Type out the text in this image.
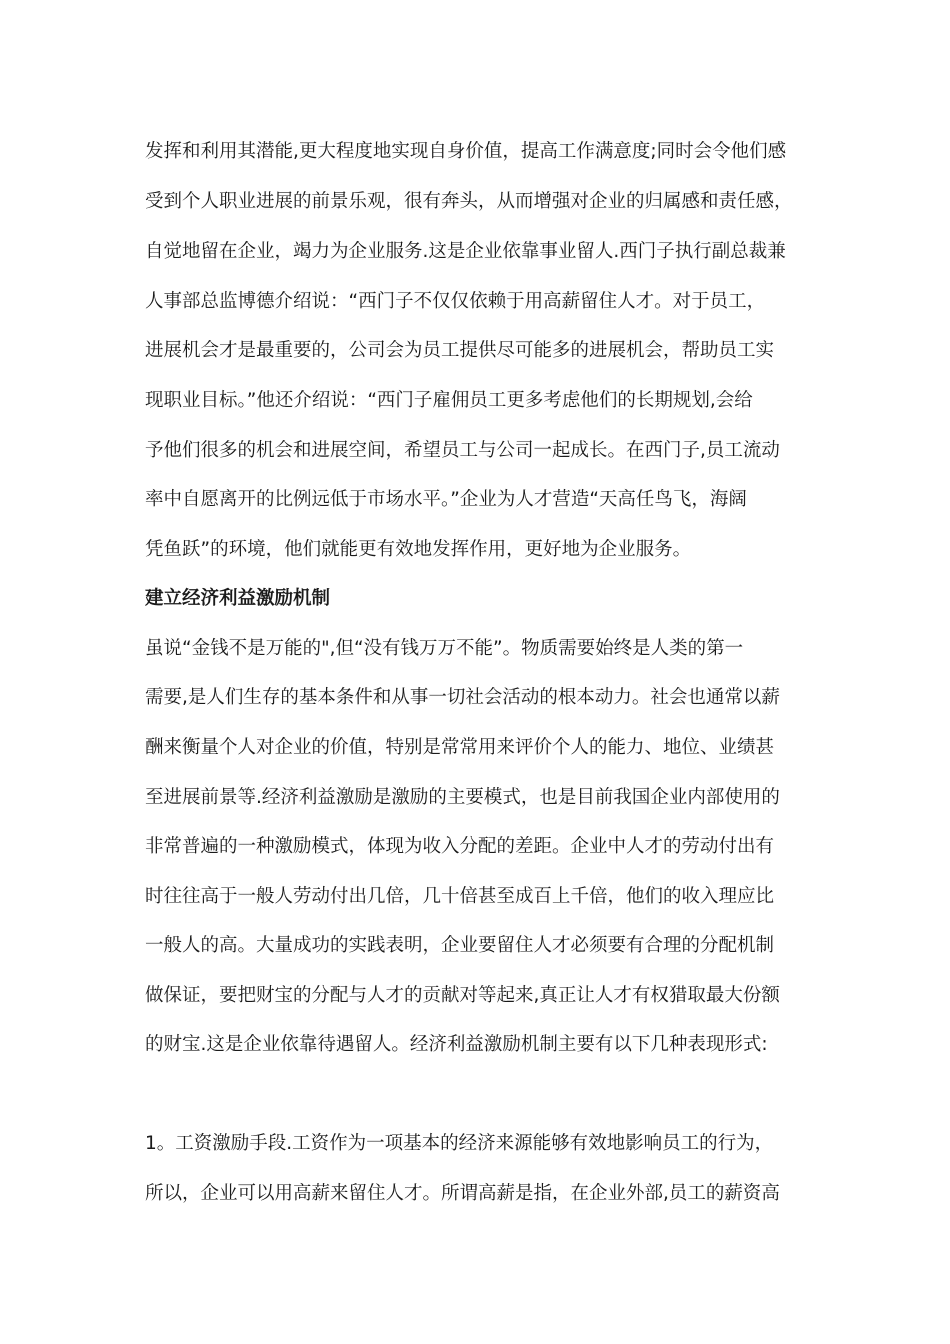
发挥和利用其潜能,更大程度地实现自身价值，提高工作满意度;同时会令他们感
受到个人职业进展的前景乐观，很有奔头，从而增强对企业的归属感和责任感，
自觉地留在企业，竭力为企业服务.这是企业依靠事业留人.西门子执行副总裁兼
人事部总监博德介绍说：“西门子不仅仅依赖于用高薪留住人才。对于员工，
进展机会才是最重要的，公司会为员工提供尽可能多的进展机会，帮助员工实
现职业目标。”他还介绍说：“西门子雇佣员工更多考虑他们的长期规划,会给
予他们很多的机会和进展空间，希望员工与公司一起成长。在西门子,员工流动
率中自愿离开的比例远低于市场水平。”企业为人才营造“天高任鸟飞，海阔
凭鱼跃”的环境，他们就能更有效地发挥作用，更好地为企业服务。
建立经济利益激励机制
虽说“金钱不是万能的",但“没有钱万万不能”。物质需要始终是人类的第一
需要,是人们生存的基本条件和从事一切社会活动的根本动力。社会也通常以薪
酬来衡量个人对企业的价值，特别是常常用来评价个人的能力、地位、业绩甚
至进展前景等.经济利益激励是激励的主要模式，也是目前我国企业内部使用的
非常普遍的一种激励模式，体现为收入分配的差距。企业中人才的劳动付出有
时往往高于一般人劳动付出几倍，几十倍甚至成百上千倍，他们的收入理应比
一般人的高。大量成功的实践表明，企业要留住人才必须要有合理的分配机制
做保证，要把财宝的分配与人才的贡献对等起来,真正让人才有权猎取最大份额
的财宝.这是企业依靠待遇留人。经济利益激励机制主要有以下几种表现形式:
1。工资激励手段.工资作为一项基本的经济来源能够有效地影响员工的行为，
所以，企业可以用高薪来留住人才。所谓高薪是指，在企业外部,员工的薪资高
